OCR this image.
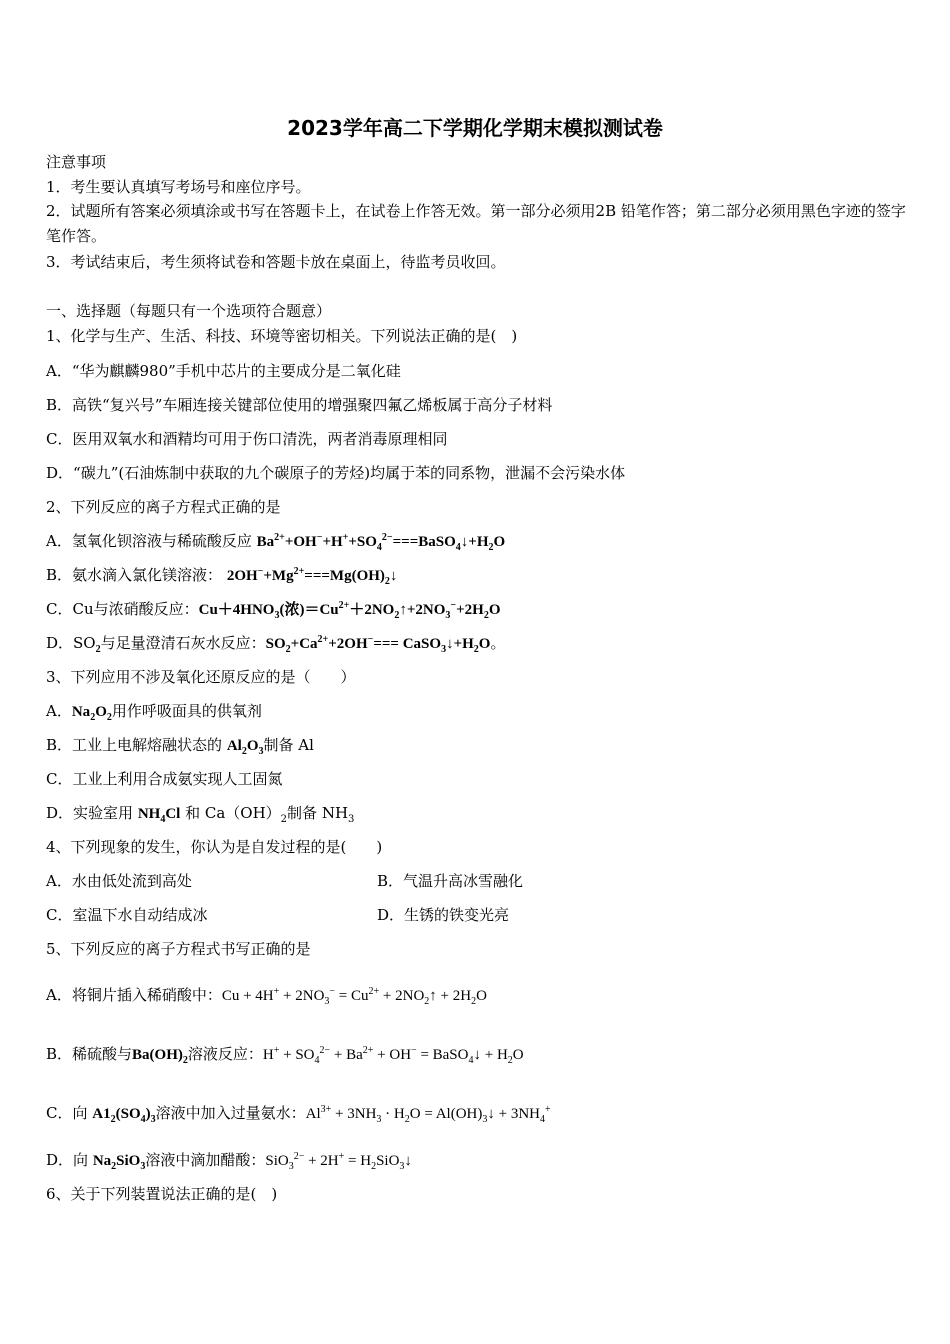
2023学年高二下学期化学期末模拟测试卷
注意事项
1．考生要认真填写考场号和座位序号。
2．试题所有答案必须填涂或书写在答题卡上，在试卷上作答无效。第一部分必须用2B 铅笔作答；第二部分必须用黑色字迹的签字笔作答。
3．考试结束后，考生须将试卷和答题卡放在桌面上，待监考员收回。
一、选择题（每题只有一个选项符合题意）
1、化学与生产、生活、科技、环境等密切相关。下列说法正确的是(　)
A．“华为麒麟980”手机中芯片的主要成分是二氧化硅
B．高铁“复兴号”车厢连接关键部位使用的增强聚四氟乙烯板属于高分子材料
C．医用双氧水和酒精均可用于伤口清洗，两者消毒原理相同
D．“碳九”(石油炼制中获取的九个碳原子的芳烃)均属于苯的同系物，泄漏不会污染水体
2、下列反应的离子方程式正确的是
A．氢氧化钡溶液与稀硫酸反应 $Ba^{2+}+OH^-+H^++SO_4^{2-}===BaSO_4↓+H_2O$
B．氨水滴入氯化镁溶液： $2OH^-+Mg^{2+}===Mg(OH)_2↓$
C．Cu与浓硝酸反应：$Cu+4HNO_3$(浓)$=Cu^{2+}+2NO_2↑+2NO_3^-+2H_2O$
D．$SO_2$与足量澄清石灰水反应：$SO_2+Ca^{2+}+2OH^-===$ $CaSO_3↓+H_2O$。
3、下列应用不涉及氧化还原反应的是（　　）
A．$Na_2O_2$用作呼吸面具的供氧剂
B．工业上电解熔融状态的 $Al_2O_3$制备 Al
C．工业上利用合成氨实现人工固氮
D．实验室用 $NH_4Cl$ 和 $Ca(OH)_2$制备 $NH_3$
4、下列现象的发生，你认为是自发过程的是(　　)
A．水由低处流到高处	B．气温升高冰雪融化
C．室温下水自动结成冰	D．生锈的铁变光亮
5、下列反应的离子方程式书写正确的是
A．将铜片插入稀硝酸中：$Cu + 4H^+ + 2NO_3^- = Cu^{2+}$ + $2NO_2↑ + 2H_2O$
B．稀硫酸与$Ba(OH)_2$溶液反应：$H^+ + SO_4^{2-} + Ba^{2+} + OH^-$ = BaSO$_4$↓ + $H_2O$
C．向 $A1_2(SO_4)_3$溶液中加入过量氨水：$Al^{3+} + 3NH_3 \cdot H_2O$ = $Al(OH)_3↓ + 3NH_4^+$
D．向 $Na_2SiO_3$溶液中滴加醋酸：$SiO_3^{2-} + 2H^+ = H_2SiO_3↓$
6、关于下列装置说法正确的是(　)
